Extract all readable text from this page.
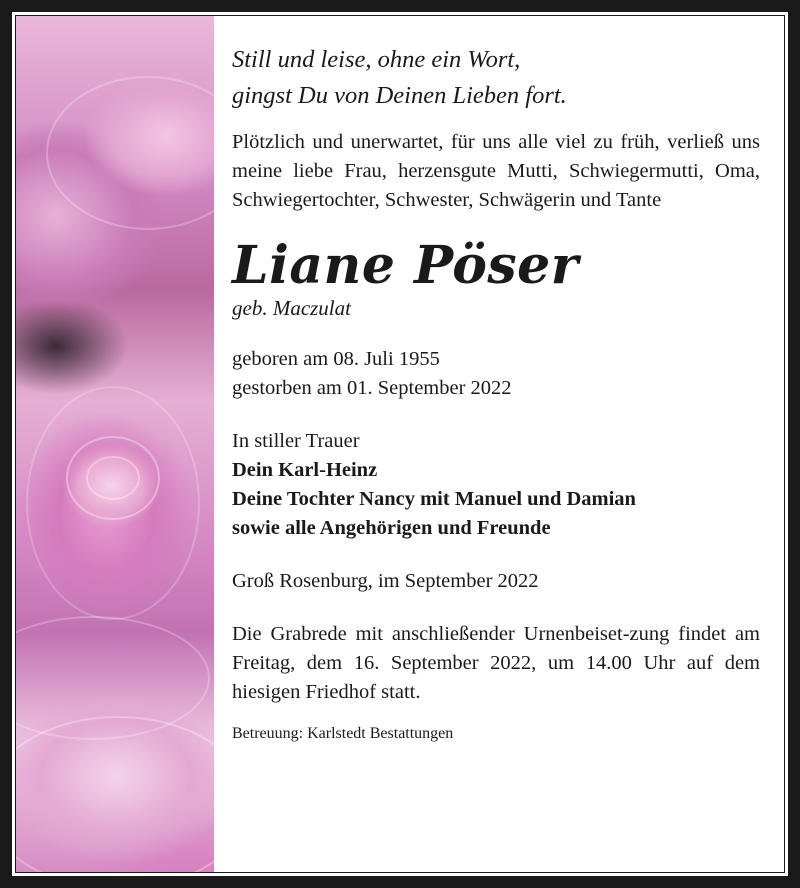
Still und leise, ohne ein Wort,
gingst Du von Deinen Lieben fort.

Plötzlich und unerwartet, für uns alle viel zu früh, verließ uns meine liebe Frau, herzensgute Mutti, Schwiegermutti, Oma, Schwiegertochter, Schwester, Schwägerin und Tante

Liane Pöser
geb. Maczulat

geboren am 08. Juli 1955
gestorben am 01. September 2022

In stiller Trauer
Dein Karl-Heinz
Deine Tochter Nancy mit Manuel und Damian
sowie alle Angehörigen und Freunde

Groß Rosenburg, im September 2022

Die Grabrede mit anschließender Urnenbeiset-zung findet am Freitag, dem 16. September 2022, um 14.00 Uhr auf dem hiesigen Friedhof statt.

Betreuung: Karlstedt Bestattungen
